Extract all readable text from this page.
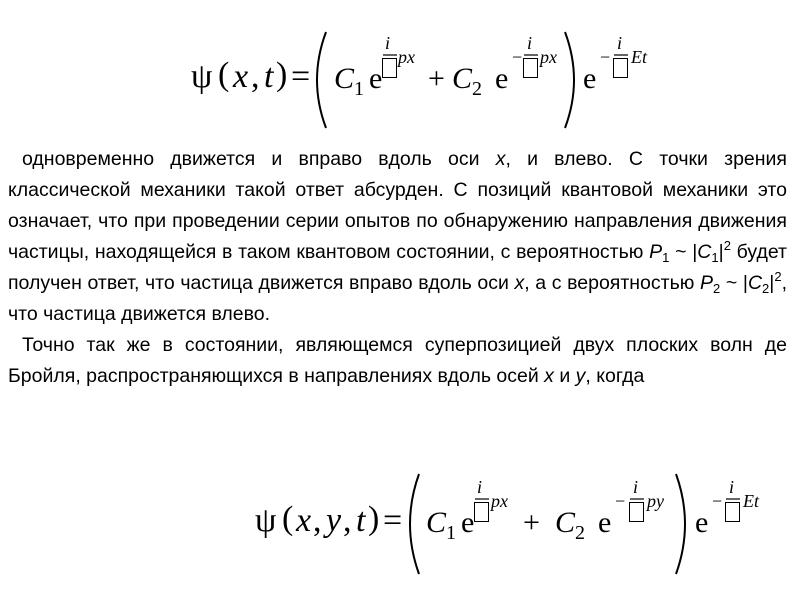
ψ ( x , t ) = C 1 e
i
px
+ C 2 e
−
i
px
e
−
i
Et

одновременно движется и вправо вдоль оси x, и влево. С точки зрения классической механики такой ответ абсурден. С позиций квантовой механики это означает, что при проведении серии опытов по обнаружению направления движения частицы, находящейся в таком квантовом состоянии, с вероятностью $P_1$ ~ $|C_1|^2$ будет получен ответ, что частица движется вправо вдоль оси x, а с вероятностью $P_2$ ~ $|C_2|^2$, что частица движется влево.

Точно так же в состоянии, являющемся суперпозицией двух плоских волн де Бройля, распространяющихся в направлениях вдоль осей x и y, когда

ψ ( x , y , t ) = C 1 e
i
px
+ C 2 e
−
i
py
e
−
i
Et
